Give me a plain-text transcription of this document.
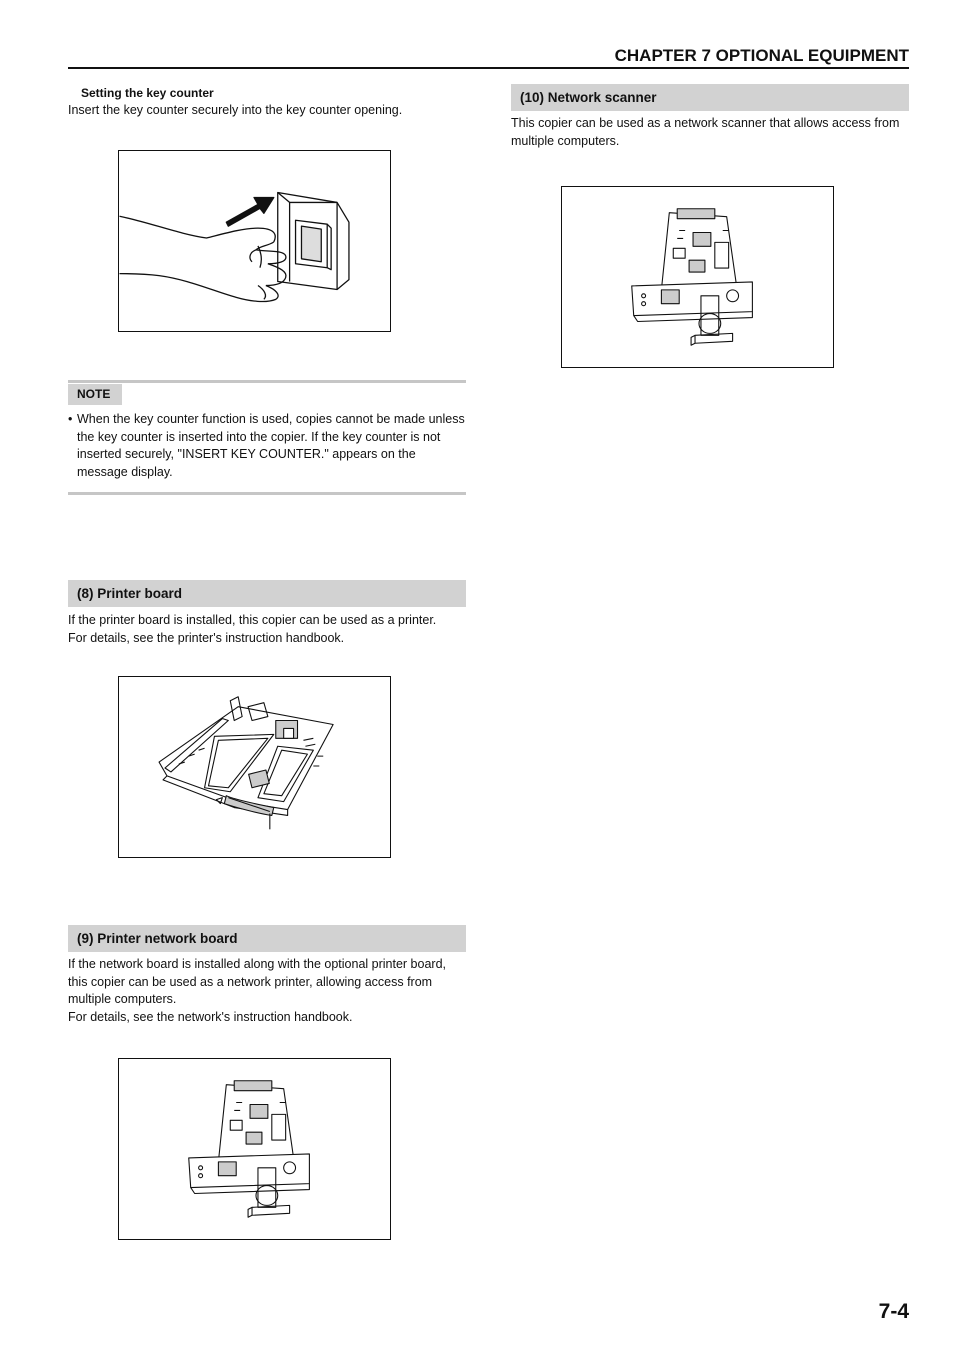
CHAPTER 7 OPTIONAL EQUIPMENT
Setting the key counter

Insert the key counter securely into the key counter opening.

NOTE
• When the key counter function is used, copies cannot be made unless the key counter is inserted into the copier. If the key counter is not inserted securely, "INSERT KEY COUNTER." appears on the message display.
(8) Printer board

If the printer board is installed, this copier can be used as a printer.
For details, see the printer's instruction handbook.

(9) Printer network board

If the network board is installed along with the optional printer board, this copier can be used as a network printer, allowing access from multiple computers.
For details, see the network's instruction handbook.

(10) Network scanner

This copier can be used as a network scanner that allows access from multiple computers.

7-4
